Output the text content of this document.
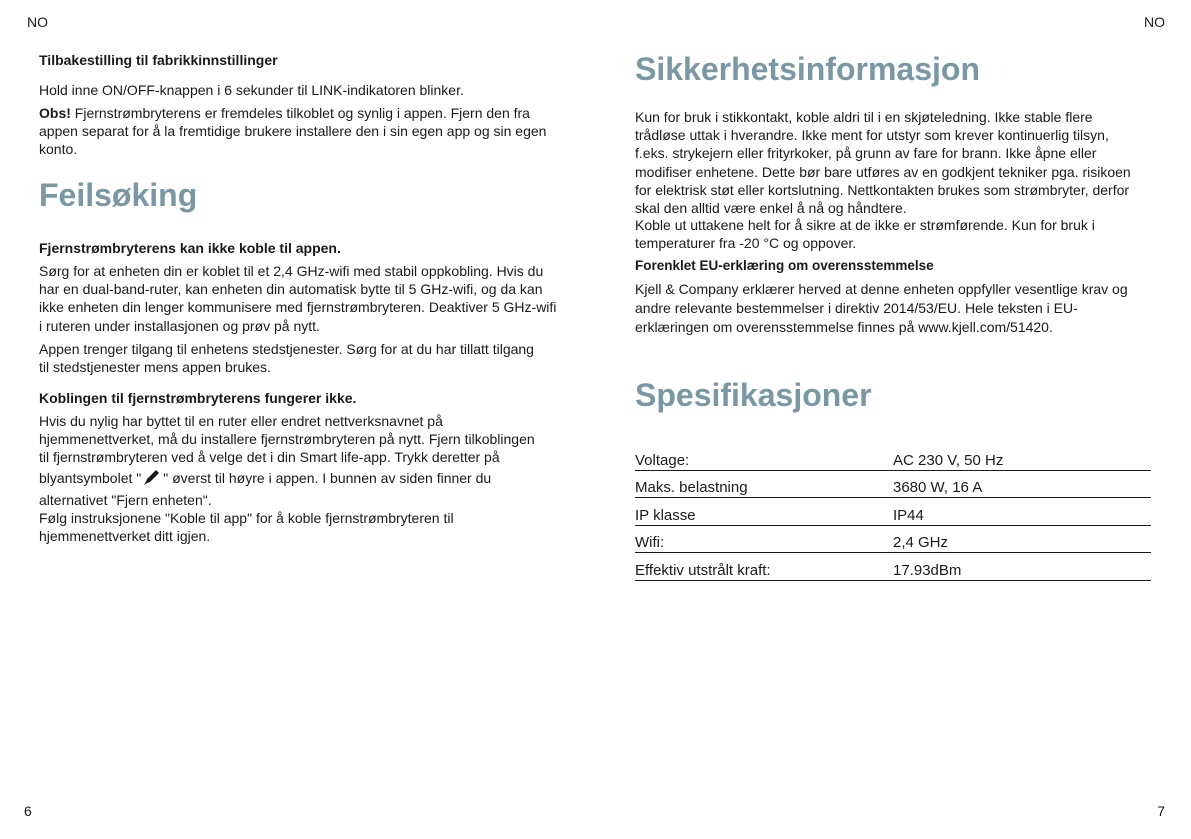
NO	NO

Tilbakestilling til fabrikkinnstillinger

Hold inne ON/OFF-knappen i 6 sekunder til LINK-indikatoren blinker.

Obs! Fjernstrømbryterens er fremdeles tilkoblet og synlig i appen. Fjern den fra appen separat for å la fremtidige brukere installere den i sin egen app og sin egen konto.

Feilsøking

Fjernstrømbryterens kan ikke koble til appen.

Sørg for at enheten din er koblet til et 2,4 GHz-wifi med stabil oppkobling. Hvis du har en dual-band-ruter, kan enheten din automatisk bytte til 5 GHz-wifi, og da kan ikke enheten din lenger kommunisere med fjernstrømbryteren. Deaktiver 5 GHz-wifi i ruteren under installasjonen og prøv på nytt.

Appen trenger tilgang til enhetens stedstjenester. Sørg for at du har tillatt tilgang til stedstjenester mens appen brukes.

Koblingen til fjernstrømbryterens fungerer ikke.

Hvis du nylig har byttet til en ruter eller endret nettverksnavnet på hjemmenettverket, må du installere fjernstrømbryteren på nytt. Fjern tilkoblingen til fjernstrømbryteren ved å velge det i din Smart life-app. Trykk deretter på blyantsymbolet " " øverst til høyre i appen. I bunnen av siden finner du alternativet "Fjern enheten".

Følg instruksjonene "Koble til app" for å koble fjernstrømbryteren til hjemmenettverket ditt igjen.

Sikkerhetsinformasjon

Kun for bruk i stikkontakt, koble aldri til i en skjøteledning. Ikke stable flere trådløse uttak i hverandre. Ikke ment for utstyr som krever kontinuerlig tilsyn, f.eks. strykejern eller frityrkoker, på grunn av fare for brann. Ikke åpne eller modifiser enhetene. Dette bør bare utføres av en godkjent tekniker pga. risikoen for elektrisk støt eller kortslutning. Nettkontakten brukes som strømbryter, derfor skal den alltid være enkel å nå og håndtere.

Koble ut uttakene helt for å sikre at de ikke er strømførende. Kun for bruk i temperaturer fra -20 °C og oppover.

Forenklet EU-erklæring om overensstemmelse

Kjell & Company erklærer herved at denne enheten oppfyller vesentlige krav og andre relevante bestemmelser i direktiv 2014/53/EU. Hele teksten i EU-erklæringen om overensstemmelse finnes på www.kjell.com/51420.

Spesifikasjoner
Voltage:	AC 230 V, 50 Hz
Maks. belastning	3680 W, 16 A
IP klasse	IP44
Wifi:	2,4 GHz
Effektiv utstrålt kraft:	17.93dBm
6	7
